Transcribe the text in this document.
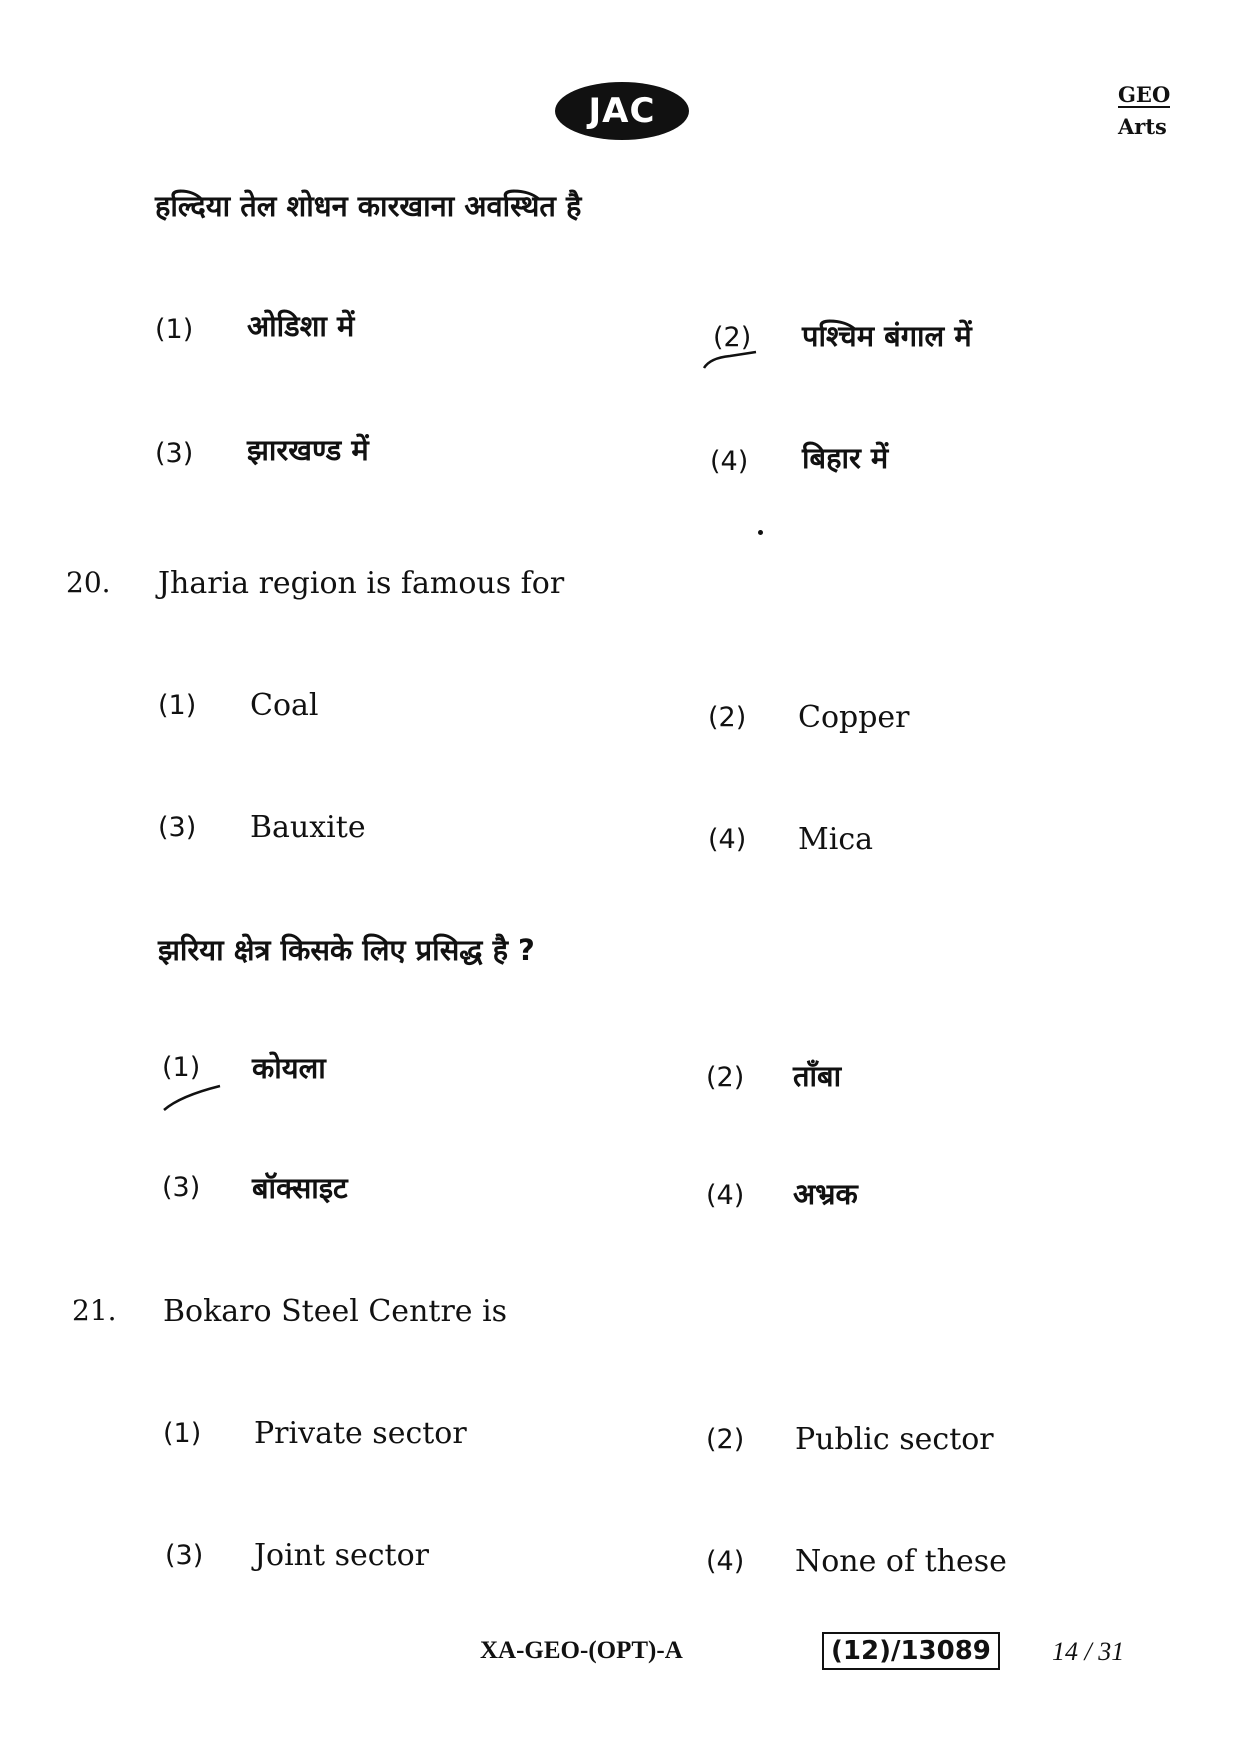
JAC	GEO
Arts
हल्दिया तेल शोधन कारखाना अवस्थित है
(1) ओडिशा में	(2) पश्चिम बंगाल में
(3) झारखण्ड में	(4) बिहार में
20. Jharia region is famous for
(1) Coal	(2) Copper
(3) Bauxite	(4) Mica
झरिया क्षेत्र किसके लिए प्रसिद्ध है ?
(1) कोयला	(2) ताँबा
(3) बॉक्साइट	(4) अभ्रक
21. Bokaro Steel Centre is
(1) Private sector	(2) Public sector
(3) Joint sector	(4) None of these
XA-GEO-(OPT)-A	(12)/13089	14 / 31
